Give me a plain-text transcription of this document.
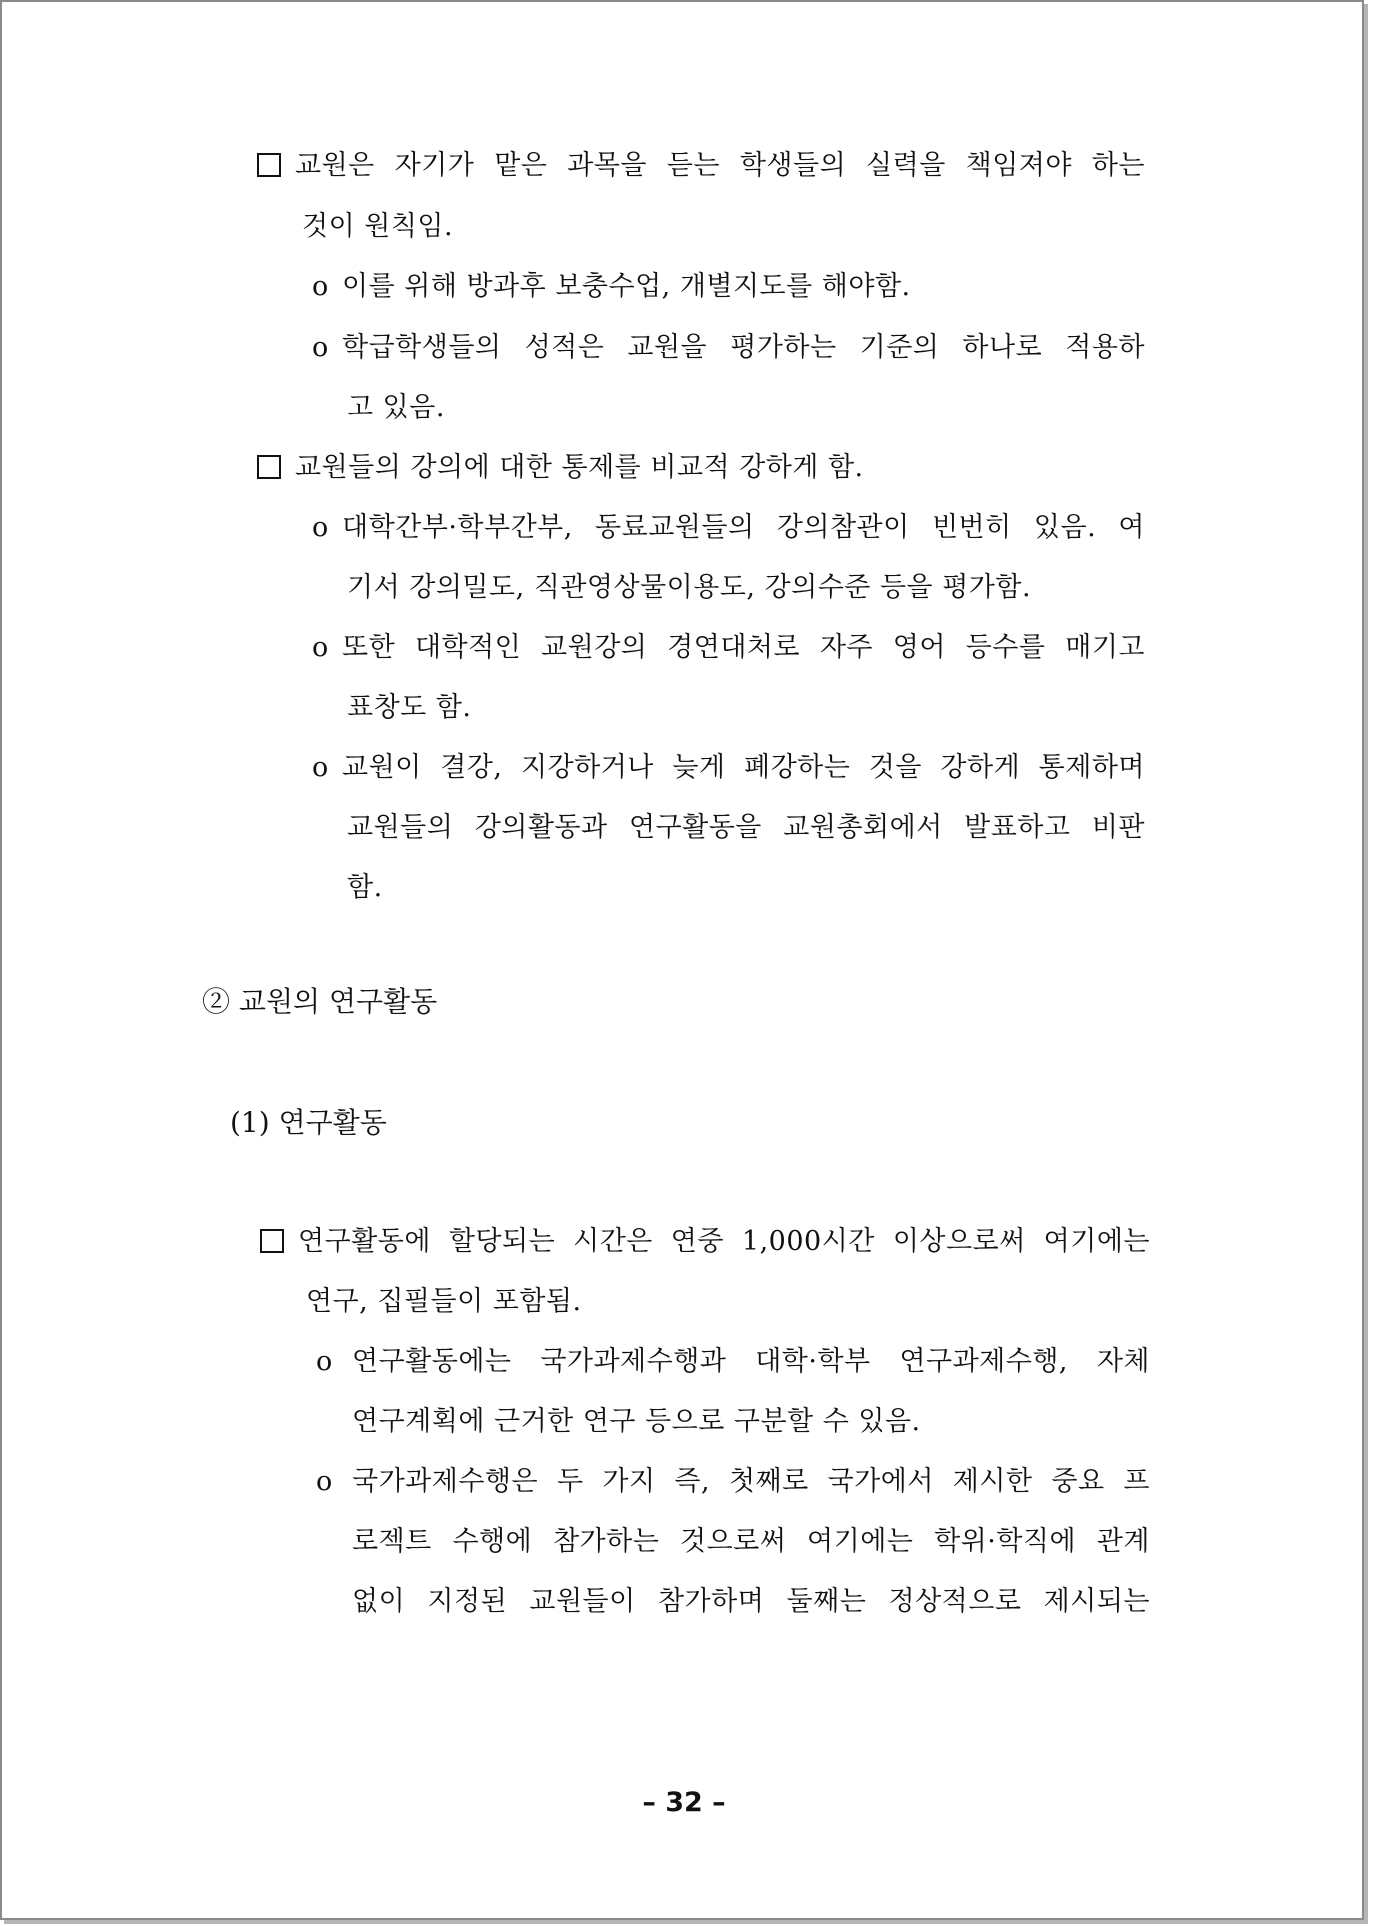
교원은 자기가 맡은 과목을 듣는 학생들의 실력을 책임져야 하는
것이 원칙임.
o 이를 위해 방과후 보충수업, 개별지도를 해야함.
o 학급학생들의 성적은 교원을 평가하는 기준의 하나로 적용하
고 있음.
교원들의 강의에 대한 통제를 비교적 강하게 함.
o 대학간부·학부간부, 동료교원들의 강의참관이 빈번히 있음. 여
기서 강의밀도, 직관영상물이용도, 강의수준 등을 평가함.
o 또한 대학적인 교원강의 경연대처로 자주 영어 등수를 매기고
표창도 함.
o 교원이 결강, 지강하거나 늦게 폐강하는 것을 강하게 통제하며
교원들의 강의활동과 연구활동을 교원총회에서 발표하고 비판
함.
② 교원의 연구활동
(1) 연구활동
연구활동에 할당되는 시간은 연중 1,000시간 이상으로써 여기에는
연구, 집필들이 포함됨.
o 연구활동에는 국가과제수행과 대학·학부 연구과제수행, 자체
연구계획에 근거한 연구 등으로 구분할 수 있음.
o 국가과제수행은 두 가지 즉, 첫째로 국가에서 제시한 중요 프
로젝트 수행에 참가하는 것으로써 여기에는 학위·학직에 관계
없이 지정된 교원들이 참가하며 둘째는 정상적으로 제시되는
– 32 –
